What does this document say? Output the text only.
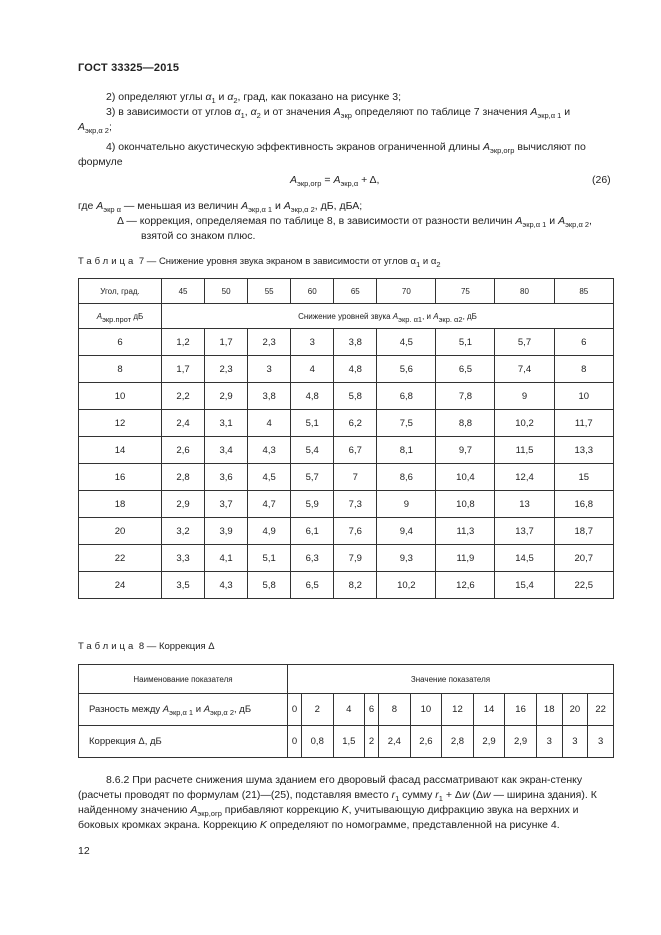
ГОСТ 33325—2015
2) определяют углы $\alpha_1$ и $\alpha_2$, град, как показано на рисунке 3;
3) в зависимости от углов $\alpha_1$, $\alpha_2$ и от значения $A_{экр}$ определяют по таблице 7 значения $A_{экр,\alpha 1}$ и
$A_{экр,\alpha 2}$;
4) окончательно акустическую эффективность экранов ограниченной длины $A_{экр,огр}$ вычисляют по формуле
$A_{экр,огр} = A_{экр,\alpha} + \Delta$,	(26)
где $A_{экр \alpha}$ — меньшая из величин $A_{экр,\alpha 1}$ и $A_{экр,\alpha 2}$, дБ, дБА;
Δ — коррекция, определяемая по таблице 8, в зависимости от разности величин $A_{экр,\alpha 1}$ и $A_{экр,\alpha 2}$,
взятой со знаком плюс.
Таблица 7 — Снижение уровня звука экраном в зависимости от углов $\alpha_1$ и $\alpha_2$
Угол, град.	45	50	55	60	65	70	75	80	85
$A_{экр.прот}$ дБ	Снижение уровней звука $A_{экр. \alpha 1}$, и $A_{экр. \alpha 2}$, дБ								
6	1,2	1,7	2,3	3	3,8	4,5	5,1	5,7	6
8	1,7	2,3	3	4	4,8	5,6	6,5	7,4	8
10	2,2	2,9	3,8	4,8	5,8	6,8	7,8	9	10
12	2,4	3,1	4	5,1	6,2	7,5	8,8	10,2	11,7
14	2,6	3,4	4,3	5,4	6,7	8,1	9,7	11,5	13,3
16	2,8	3,6	4,5	5,7	7	8,6	10,4	12,4	15
18	2,9	3,7	4,7	5,9	7,3	9	10,8	13	16,8
20	3,2	3,9	4,9	6,1	7,6	9,4	11,3	13,7	18,7
22	3,3	4,1	5,1	6,3	7,9	9,3	11,9	14,5	20,7
24	3,5	4,3	5,8	6,5	8,2	10,2	12,6	15,4	22,5
Таблица 8 — Коррекция Δ
Наименование показателя	Значение показателя											
Разность между $A_{экр,\alpha 1}$ и $A_{экр,\alpha 2}$, дБ	0	2	4	6	8	10	12	14	16	18	20	22
Коррекция Δ, дБ	0	0,8	1,5	2	2,4	2,6	2,8	2,9	2,9	3	3	3
8.6.2 При расчете снижения шума зданием его дворовый фасад рассматривают как экран-стенку (расчеты проводят по формулам (21)—(25), подставляя вместо $r_1$ сумму $r_1 + \Delta w$ (Δw — ширина здания). К найденному значению $A_{экр,огр}$ прибавляют коррекцию K, учитывающую дифракцию звука на верхних и боковых кромках экрана. Коррекцию K определяют по номограмме, представленной на рисунке 4.
12
